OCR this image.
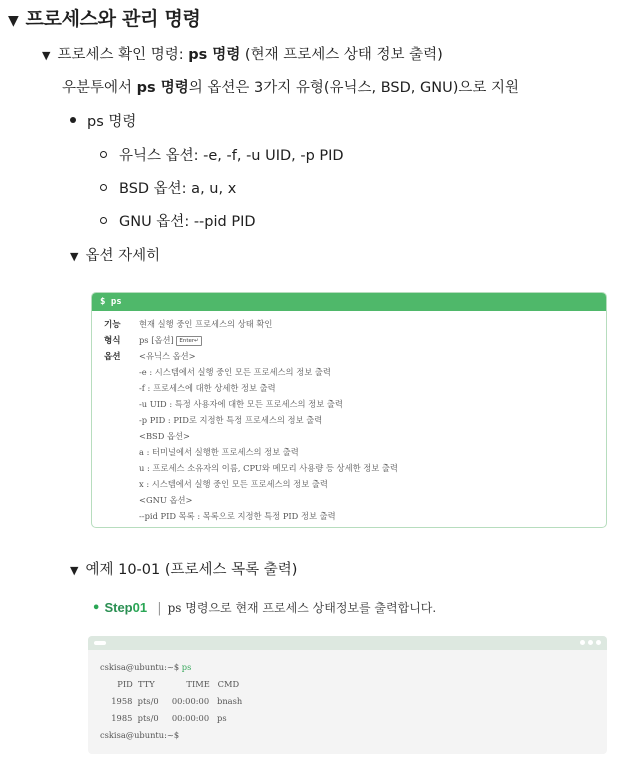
▼ 프로세스와 관리 명령
▼ 프로세스 확인 명령: ps 명령 (현재 프로세스 상태 정보 출력)
우분투에서 ps 명령의 옵션은 3가지 유형(유닉스, BSD, GNU)으로 지원
ps 명령
유닉스 옵션: -e, -f, -u UID, -p PID
BSD 옵션: a, u, x
GNU 옵션: --pid PID
▼ 옵션 자세히
$ ps
기능 현재 실행 중인 프로세스의 상태 확인
형식 ps [옵션] Enter↵
옵션 <유닉스 옵션>
-e : 시스템에서 실행 중인 모든 프로세스의 정보 출력
-f : 프로세스에 대한 상세한 정보 출력
-u UID : 특정 사용자에 대한 모든 프로세스의 정보 출력
-p PID : PID로 지정한 특정 프로세스의 정보 출력
<BSD 옵션>
a : 터미널에서 실행한 프로세스의 정보 출력
u : 프로세스 소유자의 이름, CPU와 메모리 사용량 등 상세한 정보 출력
x : 시스템에서 실행 중인 모든 프로세스의 정보 출력
<GNU 옵션>
--pid PID 목록 : 목록으로 지정한 특정 PID 정보 출력
▼ 예제 10-01 (프로세스 목록 출력)
• Step01 | ps 명령으로 현재 프로세스 상태정보를 출력합니다.
cskisa@ubuntu:~$ ps
PID  TTY            TIME   CMD
1958  pts/0     00:00:00   bnash
1985  pts/0     00:00:00   ps
cskisa@ubuntu:~$
